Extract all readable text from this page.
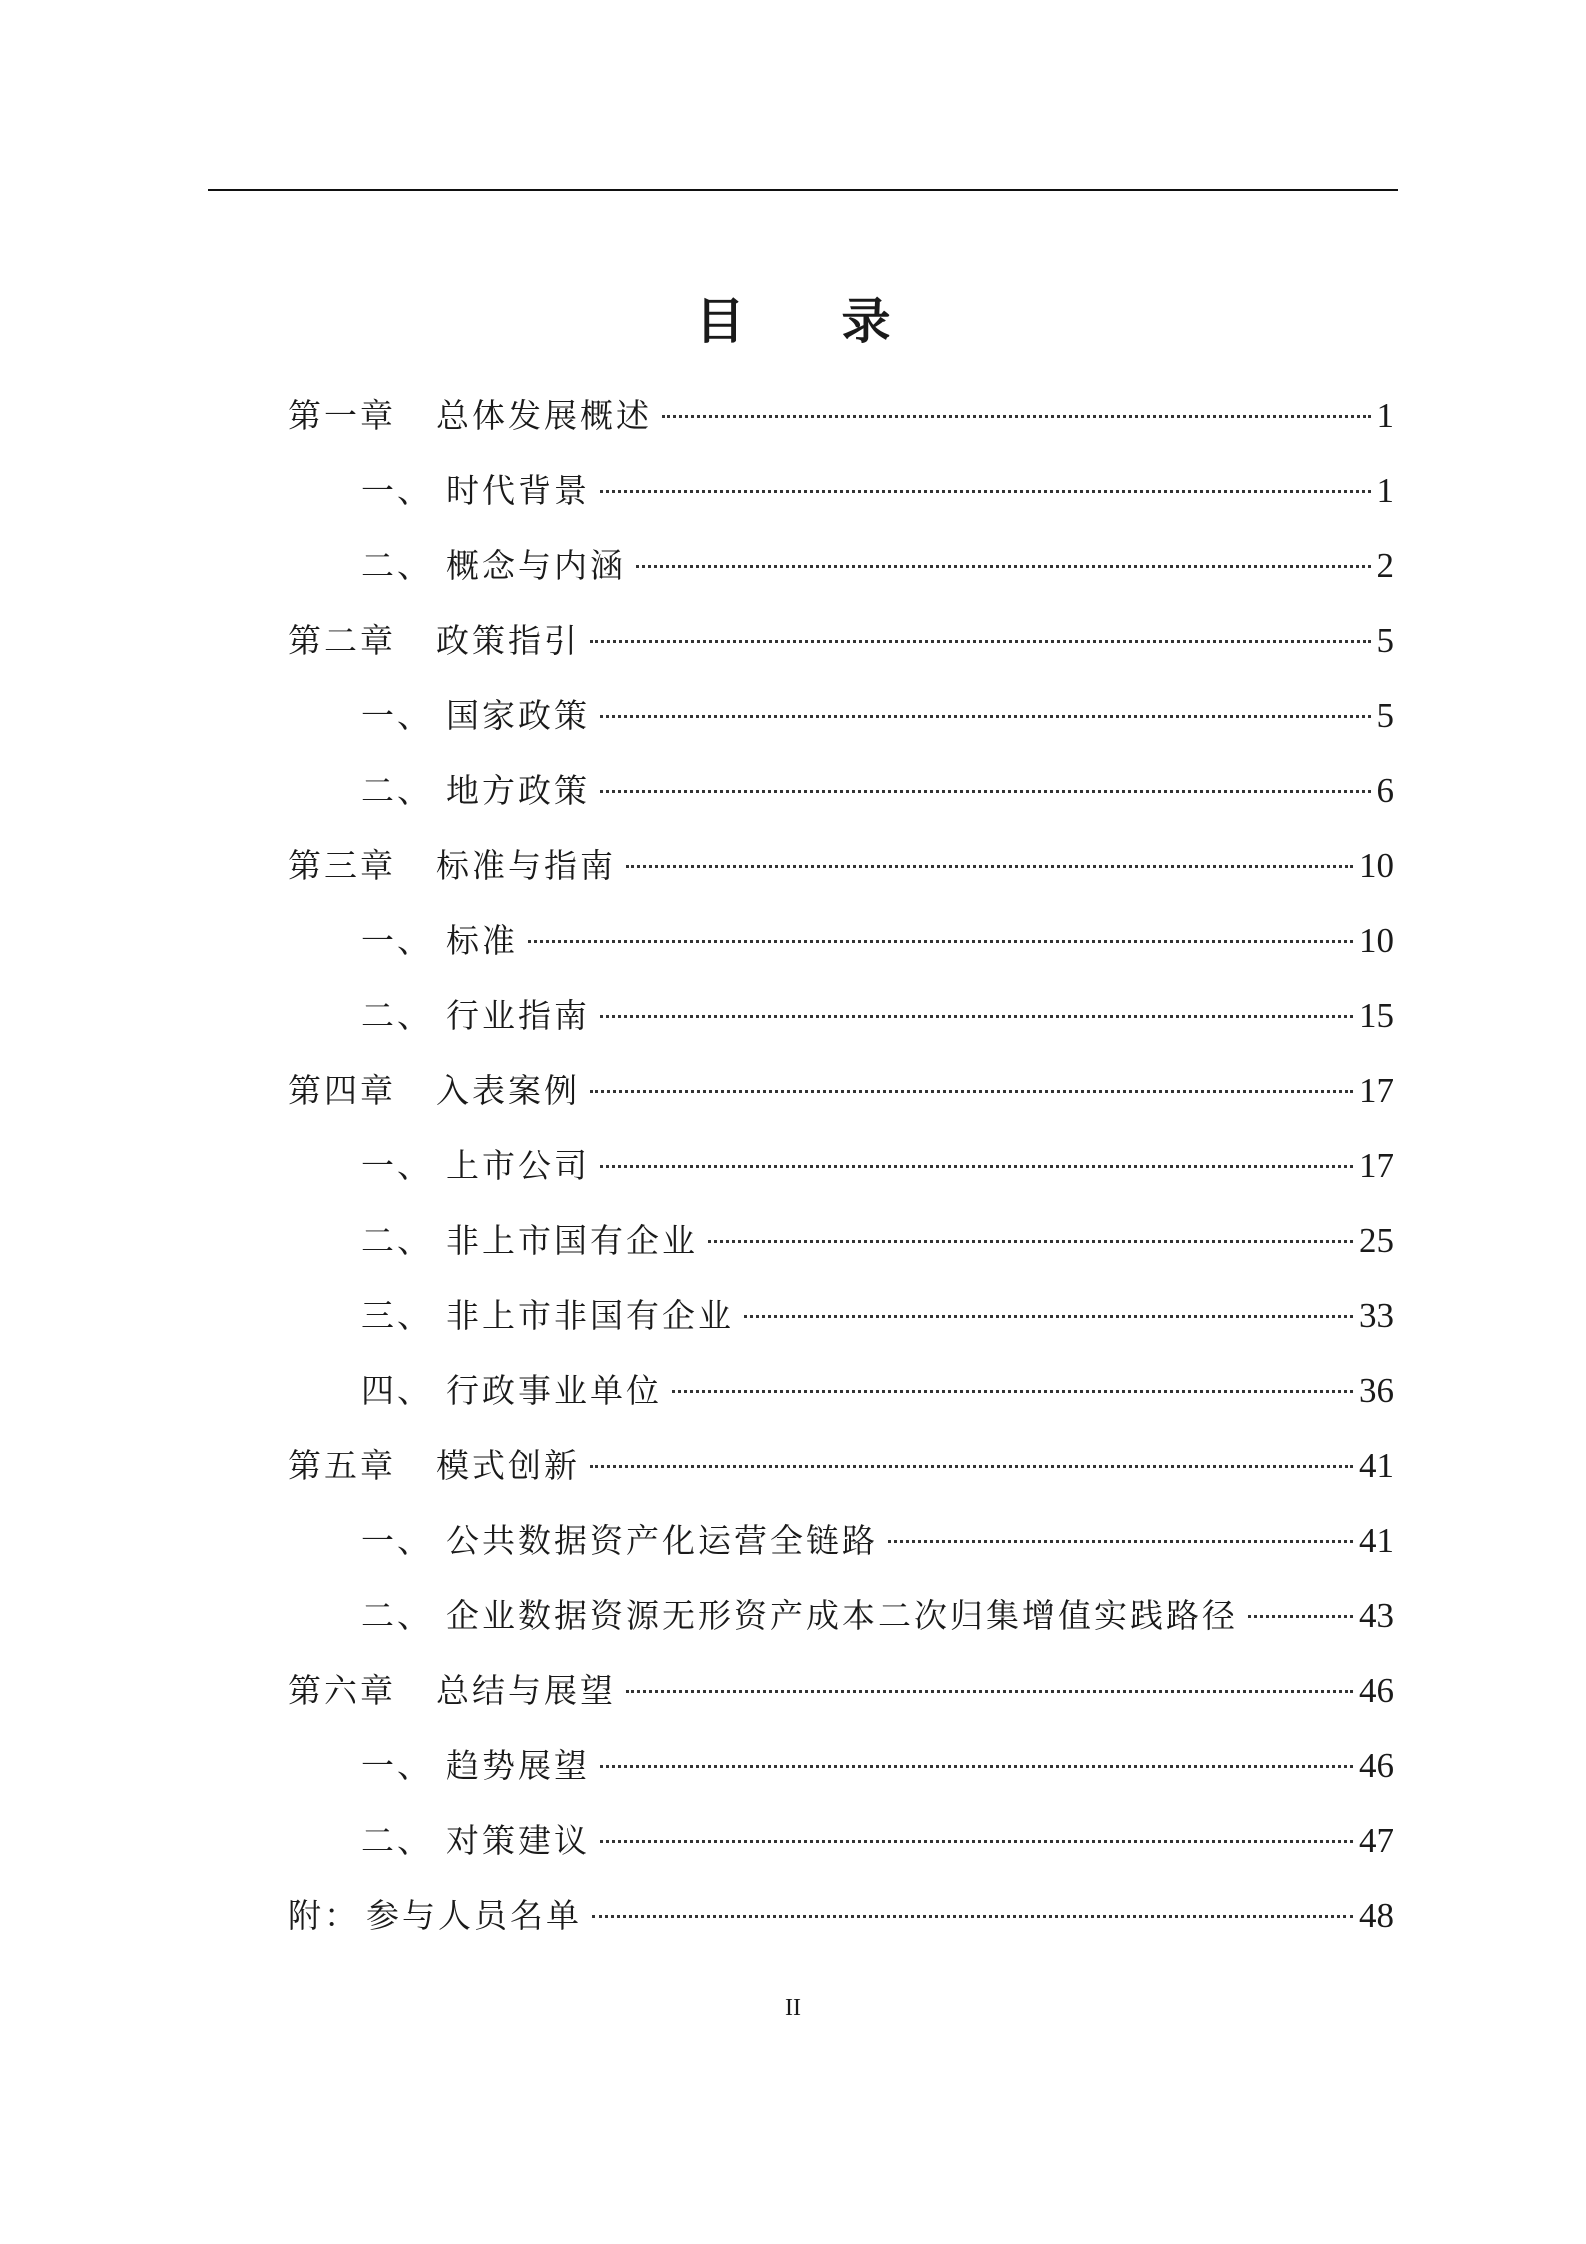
目 录
第一章	总体发展概述	1
一、 时代背景	1
二、 概念与内涵	2
第二章	政策指引	5
一、 国家政策	5
二、 地方政策	6
第三章	标准与指南	10
一、 标准	10
二、 行业指南	15
第四章	入表案例	17
一、 上市公司	17
二、 非上市国有企业	25
三、 非上市非国有企业	33
四、 行政事业单位	36
第五章	模式创新	41
一、 公共数据资产化运营全链路	41
二、 企业数据资源无形资产成本二次归集增值实践路径	43
第六章	总结与展望	46
一、 趋势展望	46
二、 对策建议	47
附： 参与人员名单	48
II
